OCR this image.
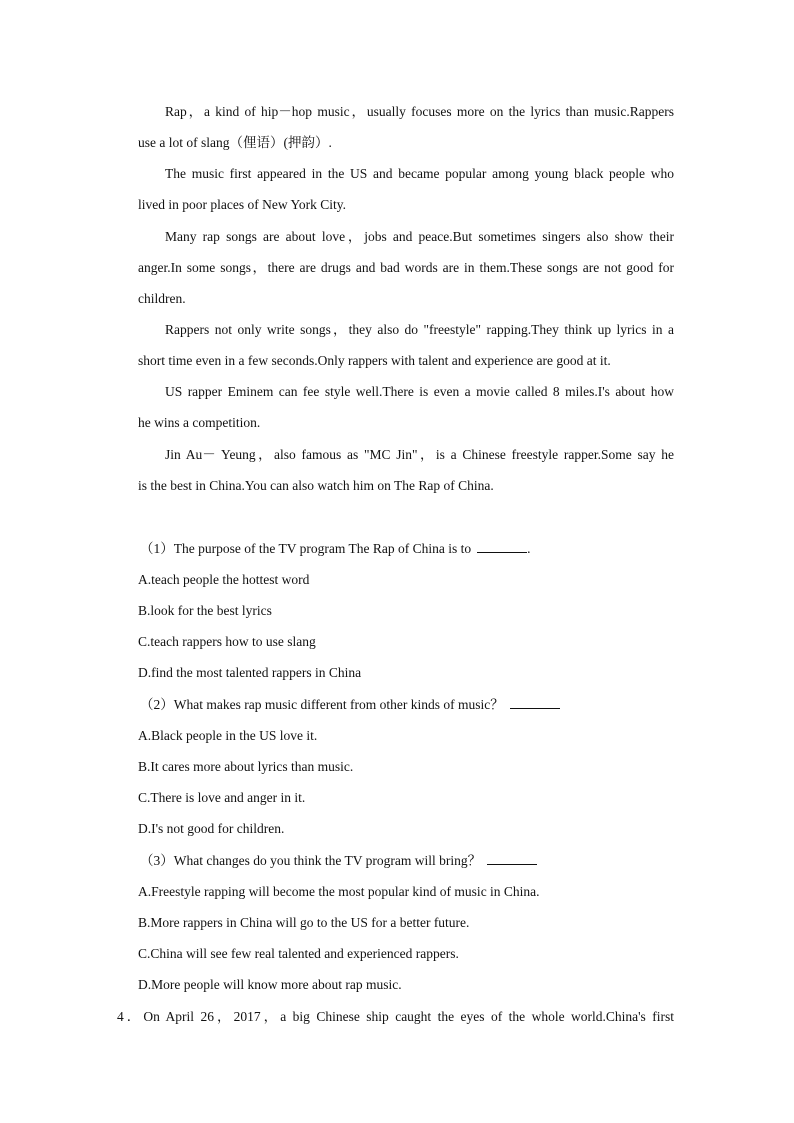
Rap，a kind of hip－hop music，usually focuses more on the lyrics than music.Rappers
use a lot of slang（俚语）(押韵）.
The music first appeared in the US and became popular among young black people who
lived in poor places of New York City.
Many rap songs are about love，jobs and peace.But sometimes singers also show their
anger.In some songs，there are drugs and bad words are in them.These songs are not good for
children.
Rappers not only write songs，they also do "freestyle" rapping.They think up lyrics in a
short time even in a few seconds.Only rappers with talent and experience are good at it.
US rapper Eminem can fee style well.There is even a movie called 8 miles.I's about how
he wins a competition.
Jin Au－ Yeung，also famous as "MC Jin"，is a Chinese freestyle rapper.Some say he
is the best in China.You can also watch him on The Rap of China.
（1）The purpose of the TV program The Rap of China is to	.
A.teach people the hottest word
B.look for the best lyrics
C.teach rappers how to use slang
D.find the most talented rappers in China
（2）What makes rap music different from other kinds of music？
A.Black people in the US love it.
B.It cares more about lyrics than music.
C.There is love and anger in it.
D.I's not good for children.
（3）What changes do you think the TV program will bring？
A.Freestyle rapping will become the most popular kind of music in China.
B.More rappers in China will go to the US for a better future.
C.China will see few real talented and experienced rappers.
D.More people will know more about rap music.
4．On April 26，2017，a big Chinese ship caught the eyes of the whole world.China's first
